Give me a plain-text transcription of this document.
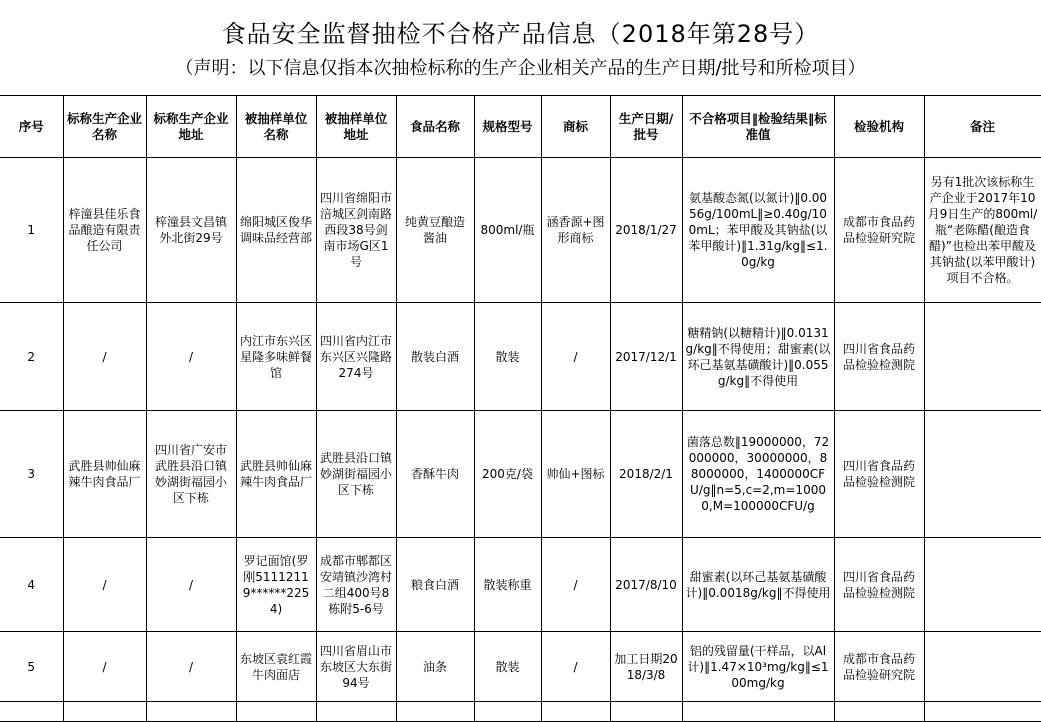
食品安全监督抽检不合格产品信息（2018年第28号）
（声明：以下信息仅指本次抽检标称的生产企业相关产品的生产日期/批号和所检项目）
序号	标称生产企业名称	标称生产企业地址	被抽样单位名称	被抽样单位地址	食品名称	规格型号	商标	生产日期/批号	不合格项目‖检验结果‖标准值	检验机构	备注
1	梓潼县佳乐食品酿造有限责任公司	梓潼县文昌镇外北街29号	绵阳城区俊华调味品经营部	四川省绵阳市涪城区剑南路西段38号剑南市场G区1号	纯黄豆酿造酱油	800ml/瓶	涵香源+图形商标	2018/1/27	氨基酸态氮(以氮计)‖0.0056g/100mL‖≥0.40g/100mL；苯甲酸及其钠盐(以苯甲酸计)‖1.31g/kg‖≤1.0g/kg	成都市食品药品检验研究院	另有1批次该标称生产企业于2017年10月9日生产的800ml/瓶“老陈醋(酿造食醋)”也检出苯甲酸及其钠盐(以苯甲酸计)项目不合格。
2	/	/	内江市东兴区星隆多味鲜餐馆	四川省内江市东兴区兴隆路274号	散装白酒	散装	/	2017/12/1	糖精钠(以糖精计)‖0.0131g/kg‖不得使用；甜蜜素(以环己基氨基磺酸计)‖0.055g/kg‖不得使用	四川省食品药品检验检测院	
3	武胜县帅仙麻辣牛肉食品厂	四川省广安市武胜县沿口镇妙湖街福园小区下栋	武胜县帅仙麻辣牛肉食品厂	武胜县沿口镇妙湖街福园小区下栋	香酥牛肉	200克/袋	帅仙+图标	2018/2/1	菌落总数‖19000000，72000000，30000000，88000000，1400000CFU/g‖n=5,c=2,m=10000,M=100000CFU/g	四川省食品药品检验检测院	
4	/	/	罗记面馆(罗刚51112119******2254)	成都市郫都区安靖镇沙湾村二组400号8栋附5-6号	粮食白酒	散装称重	/	2017/8/10	甜蜜素(以环己基氨基磺酸计)‖0.0018g/kg‖不得使用	四川省食品药品检验检测院	
5	/	/	东坡区袁红霞牛肉面店	四川省眉山市东坡区大东街94号	油条	散装	/	加工日期2018/3/8	铝的残留量(干样品，以Al计)‖1.47×10³mg/kg‖≤100mg/kg	成都市食品药品检验研究院	
